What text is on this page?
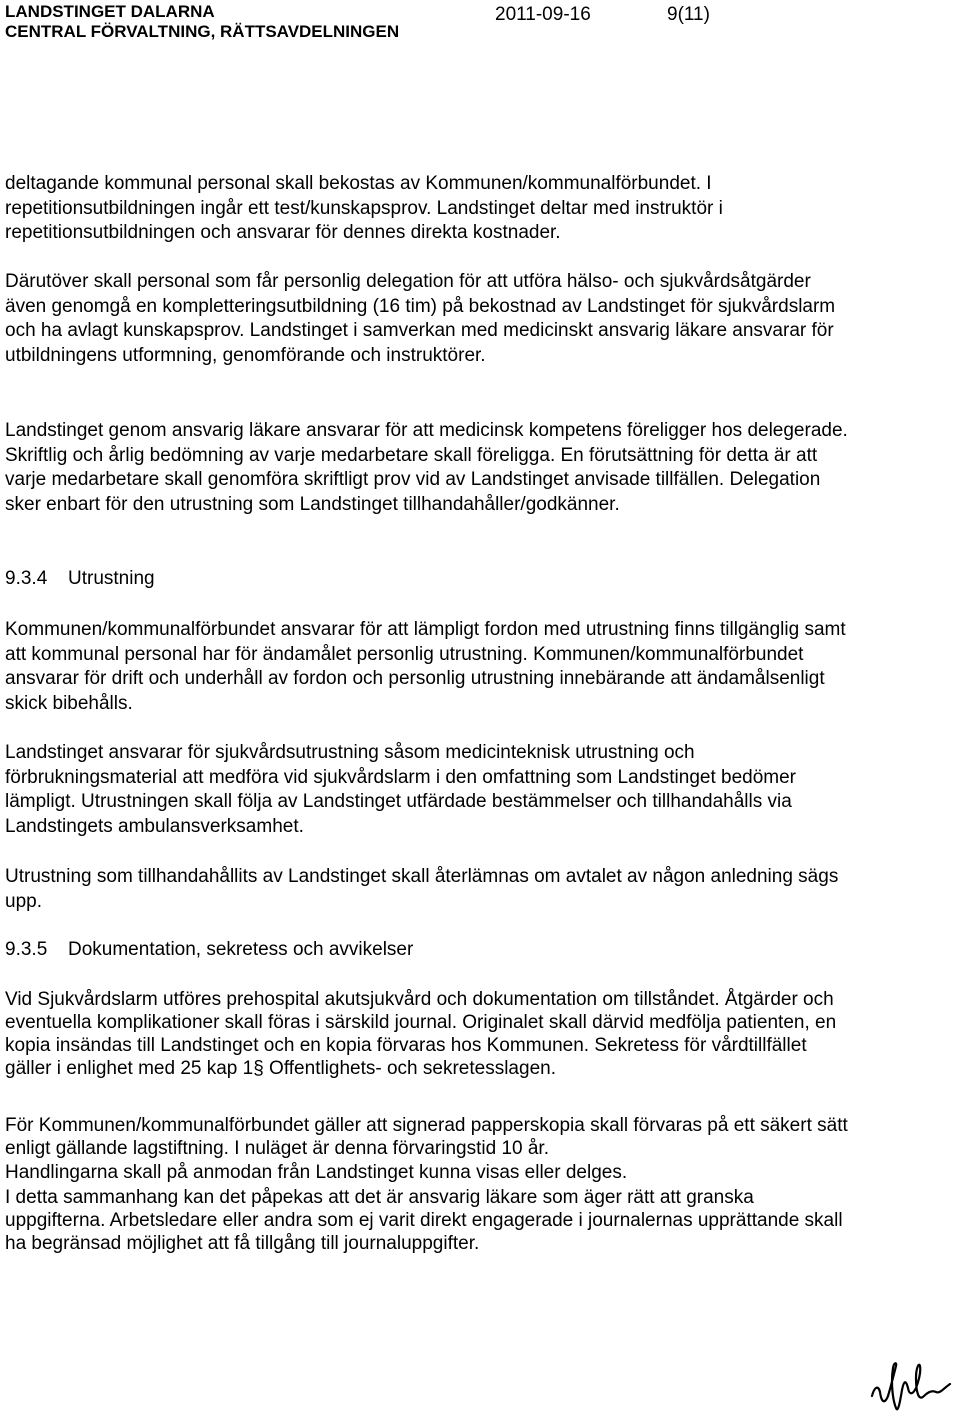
LANDSTINGET DALARNA
CENTRAL FÖRVALTNING, RÄTTSAVDELNINGEN
2011-09-16	9(11)
deltagande kommunal personal skall bekostas av Kommunen/kommunalförbundet. I repetitionsutbildningen ingår ett test/kunskapsprov. Landstinget deltar med instruktör i repetitionsutbildningen och ansvarar för dennes direkta kostnader.
Därutöver skall personal som får personlig delegation för att utföra hälso- och sjukvårdsåtgärder även genomgå en kompletteringsutbildning (16 tim) på bekostnad av Landstinget för sjukvårdslarm och ha avlagt kunskapsprov. Landstinget i samverkan med medicinskt ansvarig läkare ansvarar för utbildningens utformning, genomförande och instruktörer.
Landstinget genom ansvarig läkare ansvarar för att medicinsk kompetens föreligger hos delegerade. Skriftlig och årlig bedömning av varje medarbetare skall föreligga. En förutsättning för detta är att varje medarbetare skall genomföra skriftligt prov vid av Landstinget anvisade tillfällen. Delegation sker enbart för den utrustning som Landstinget tillhandahåller/godkänner.
9.3.4 Utrustning
Kommunen/kommunalförbundet ansvarar för att lämpligt fordon med utrustning finns tillgänglig samt att kommunal personal har för ändamålet personlig utrustning. Kommunen/kommunalförbundet ansvarar för drift och underhåll av fordon och personlig utrustning innebärande att ändamålsenligt skick bibehålls.
Landstinget ansvarar för sjukvårdsutrustning såsom medicinteknisk utrustning och förbrukningsmaterial att medföra vid sjukvårdslarm i den omfattning som Landstinget bedömer lämpligt. Utrustningen skall följa av Landstinget utfärdade bestämmelser och tillhandahålls via Landstingets ambulansverksamhet.
Utrustning som tillhandahållits av Landstinget skall återlämnas om avtalet av någon anledning sägs upp.
9.3.5 Dokumentation, sekretess och avvikelser
Vid Sjukvårdslarm utföres prehospital akutsjukvård och dokumentation om tillståndet. Åtgärder och eventuella komplikationer skall föras i särskild journal. Originalet skall därvid medfölja patienten, en kopia insändas till Landstinget och en kopia förvaras hos Kommunen. Sekretess för vårdtillfället gäller i enlighet med 25 kap 1§ Offentlighets- och sekretesslagen.
För Kommunen/kommunalförbundet gäller att signerad papperskopia skall förvaras på ett säkert sätt enligt gällande lagstiftning. I nuläget är denna förvaringstid 10 år.
Handlingarna skall på anmodan från Landstinget kunna visas eller delges.
I detta sammanhang kan det påpekas att det är ansvarig läkare som äger rätt att granska uppgifterna. Arbetsledare eller andra som ej varit direkt engagerade i journalernas upprättande skall ha begränsad möjlighet att få tillgång till journaluppgifter.
